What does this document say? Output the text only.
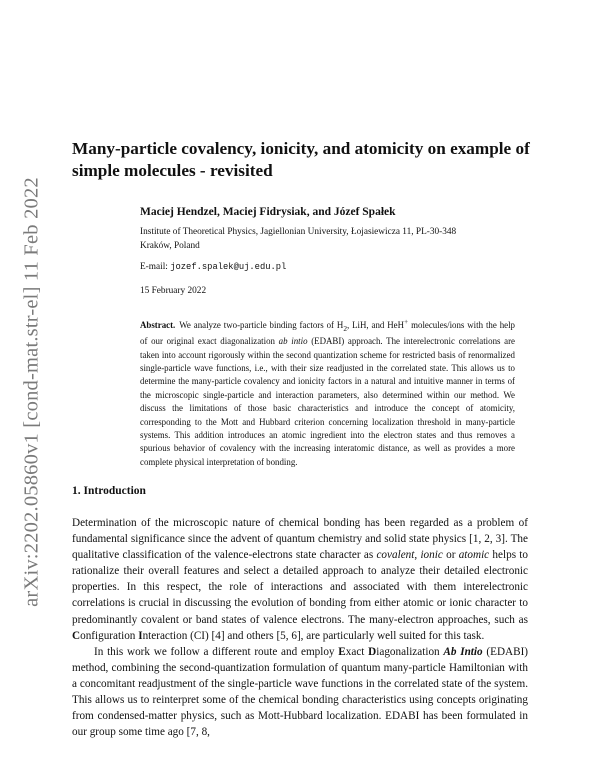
arXiv:2202.05860v1 [cond-mat.str-el] 11 Feb 2022
Many-particle covalency, ionicity, and atomicity on example of simple molecules - revisited
Maciej Hendzel, Maciej Fidrysiak, and Józef Spałek
Institute of Theoretical Physics, Jagiellonian University, Łojasiewicza 11, PL-30-348
Kraków, Poland
E-mail: jozef.spalek@uj.edu.pl
15 February 2022
Abstract. We analyze two-particle binding factors of $H_2$, LiH, and HeH+ molecules/ions with the help of our original exact diagonalization ab intio (EDABI) approach. The interelectronic correlations are taken into account rigorously within the second quantization scheme for restricted basis of renormalized single-particle wave functions, i.e., with their size readjusted in the correlated state. This allows us to determine the many-particle covalency and ionicity factors in a natural and intuitive manner in terms of the microscopic single-particle and interaction parameters, also determined within our method. We discuss the limitations of those basic characteristics and introduce the concept of atomicity, corresponding to the Mott and Hubbard criterion concerning localization threshold in many-particle systems. This addition introduces an atomic ingredient into the electron states and thus removes a spurious behavior of covalency with the increasing interatomic distance, as well as provides a more complete physical interpretation of bonding.
1. Introduction

Determination of the microscopic nature of chemical bonding has been regarded as a problem of fundamental significance since the advent of quantum chemistry and solid state physics [1, 2, 3]. The qualitative classification of the valence-electrons state character as covalent, ionic or atomic helps to rationalize their overall features and select a detailed approach to analyze their detailed electronic properties. In this respect, the role of interactions and associated with them interelectronic correlations is crucial in discussing the evolution of bonding from either atomic or ionic character to predominantly covalent or band states of valence electrons. The many-electron approaches, such as Configuration Interaction (CI) [4] and others [5, 6], are particularly well suited for this task.

In this work we follow a different route and employ Exact Diagonalization Ab Intio (EDABI) method, combining the second-quantization formulation of quantum many-particle Hamiltonian with a concomitant readjustment of the single-particle wave functions in the correlated state of the system. This allows us to reinterpret some of the chemical bonding characteristics using concepts originating from condensed-matter physics, such as Mott-Hubbard localization. EDABI has been formulated in our group some time ago [7, 8,
